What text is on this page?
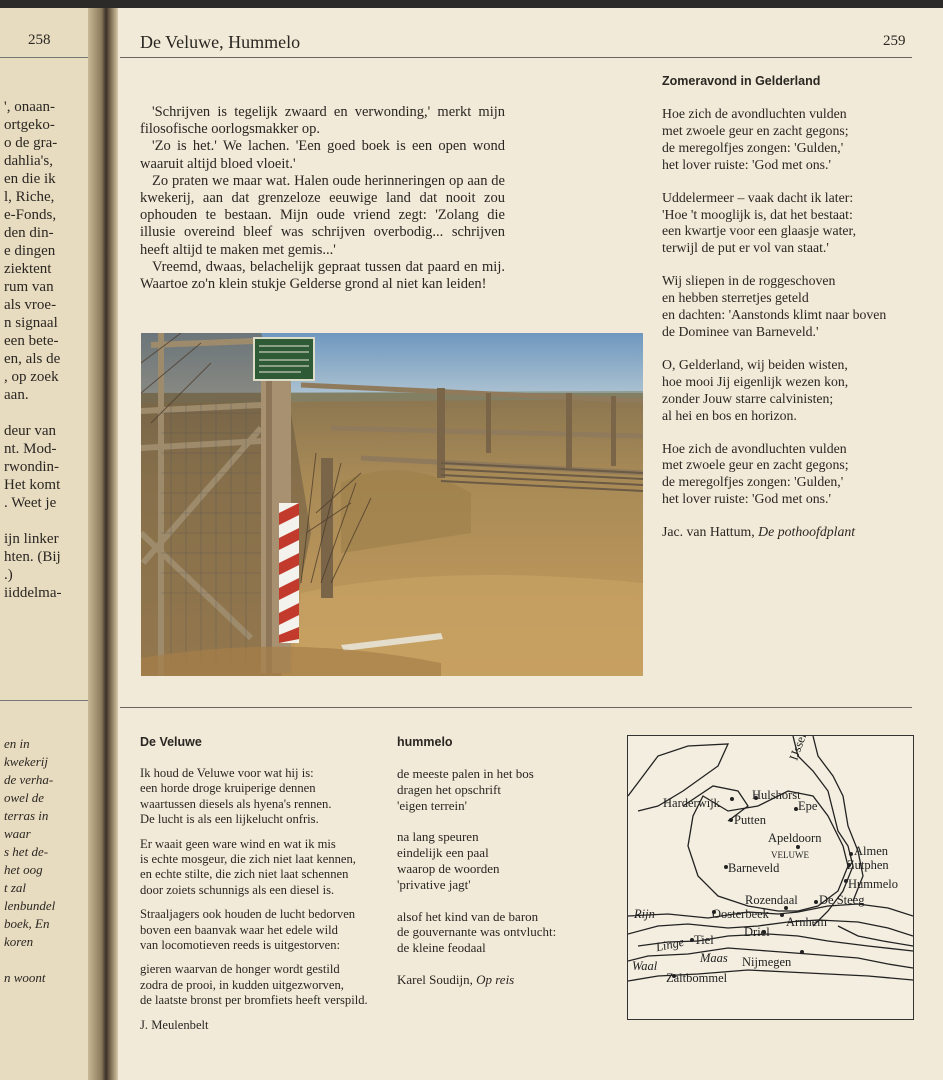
258
', onaan-
ortgeko-
o de gra-
dahlia's,
en die ik
l, Riche,
e-Fonds,
den din-
e dingen
ziektent
rum van
als vroe-
n signaal
een bete-
en, als de
, op zoek
aan.
deur van
nt. Mod-
rwondin-
Het komt
. Weet je
ijn linker
hten. (Bij
.)
iiddelma-
en in
kwekerij
de verha-
owel de
terras in
waar
s het de-
het oog
t zal
lenbundel
boek, En
koren
n woont
De Veluwe, Hummelo	259

'Schrijven is tegelijk zwaard en verwonding,' merkt mijn filosofische oorlogsmakker op.

'Zo is het.' We lachen. 'Een goed boek is een open wond waaruit altijd bloed vloeit.'

Zo praten we maar wat. Halen oude herinneringen op aan de kwekerij, aan dat grenzeloze eeuwige land dat nooit zou ophouden te bestaan. Mijn oude vriend zegt: 'Zolang die illusie overeind bleef was schrijven overbodig... schrijven heeft altijd te maken met gemis...'

Vreemd, dwaas, belachelijk gepraat tussen dat paard en mij. Waartoe zo'n klein stukje Gelderse grond al niet kan leiden!

Zomeravond in Gelderland

Hoe zich de avondluchten vulden
met zwoele geur en zacht gegons;
de meregolfjes zongen: 'Gulden,'
het lover ruiste: 'God met ons.'

Uddelermeer – vaak dacht ik later:
'Hoe 't mooglijk is, dat het bestaat:
een kwartje voor een glaasje water,
terwijl de put er vol van staat.'

Wij sliepen in de roggeschoven
en hebben sterretjes geteld
en dachten: 'Aanstonds klimt naar boven
de Dominee van Barneveld.'

O, Gelderland, wij beiden wisten,
hoe mooi Jij eigenlijk wezen kon,
zonder Jouw starre calvinisten;
al hei en bos en horizon.

Hoe zich de avondluchten vulden
met zwoele geur en zacht gegons;
de meregolfjes zongen: 'Gulden,'
het lover ruiste: 'God met ons.'

Jac. van Hattum, De pothoofdplant

De Veluwe

Ik houd de Veluwe voor wat hij is:
een horde droge kruiperige dennen
waartussen diesels als hyena's rennen.
De lucht is als een lijkelucht onfris.

Er waait geen ware wind en wat ik mis
is echte mosgeur, die zich niet laat kennen,
en echte stilte, die zich niet laat schennen
door zoiets schunnigs als een diesel is.

Straaljagers ook houden de lucht bedorven
boven een baanvak waar het edele wild
van locomotieven reeds is uitgestorven:

gieren waarvan de honger wordt gestild
zodra de prooi, in kudden uitgezworven,
de laatste bronst per bromfiets heeft verspild.

J. Meulenbelt

hummelo

de meeste palen in het bos
dragen het opschrift
'eigen terrein'

na lang speuren
eindelijk een paal
waarop de woorden
'privative jagt'

alsof het kind van de baron
de gouvernante was ontvlucht:
de kleine feodaal

Karel Soudijn, Op reis

IJssel
Harderwijk
Hulshorst
Epe
Putten
Apeldoorn
VELUWE	Almen
Zutphen
Barneveld
Hummelo
Rozendaal De Steeg
Rijn	Oosterbeek
Arnhem
Driel
Linge Tiel
Maas Nijmegen
Waal
Zaltbommel
